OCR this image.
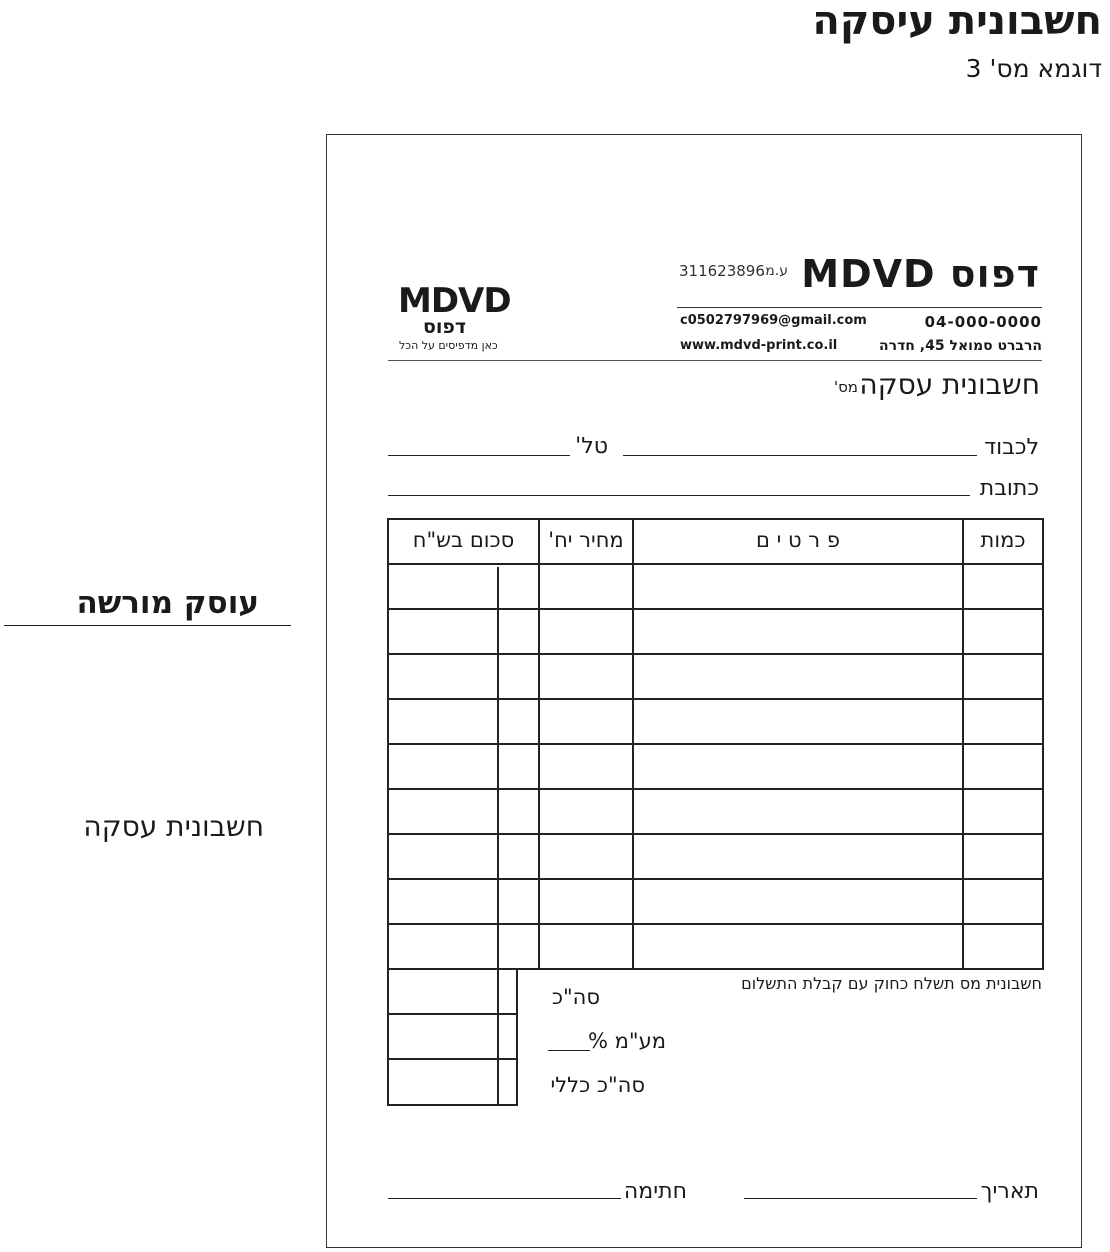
חשבונית עיסקה
דוגמא מס' 3
עוסק מורשה
חשבונית עסקה
דפוס MDVD
ע.מ.
311623896
04-000-0000
c0502797969@gmail.com
הרברט סמואל 45, חדרה
www.mdvd-print.co.il
MDVD
דפוס
כאן מדפיסים על הכל
חשבונית עסקה
מס'
לכבוד
טל'
כתובת
כמות
פ ר ט י ם
מחיר יח'
סכום בש"ח
חשבונית מס תשלח כחוק עם קבלת התשלום
סה"כ
מע"מ %
סה"כ כללי
תאריך
חתימה
